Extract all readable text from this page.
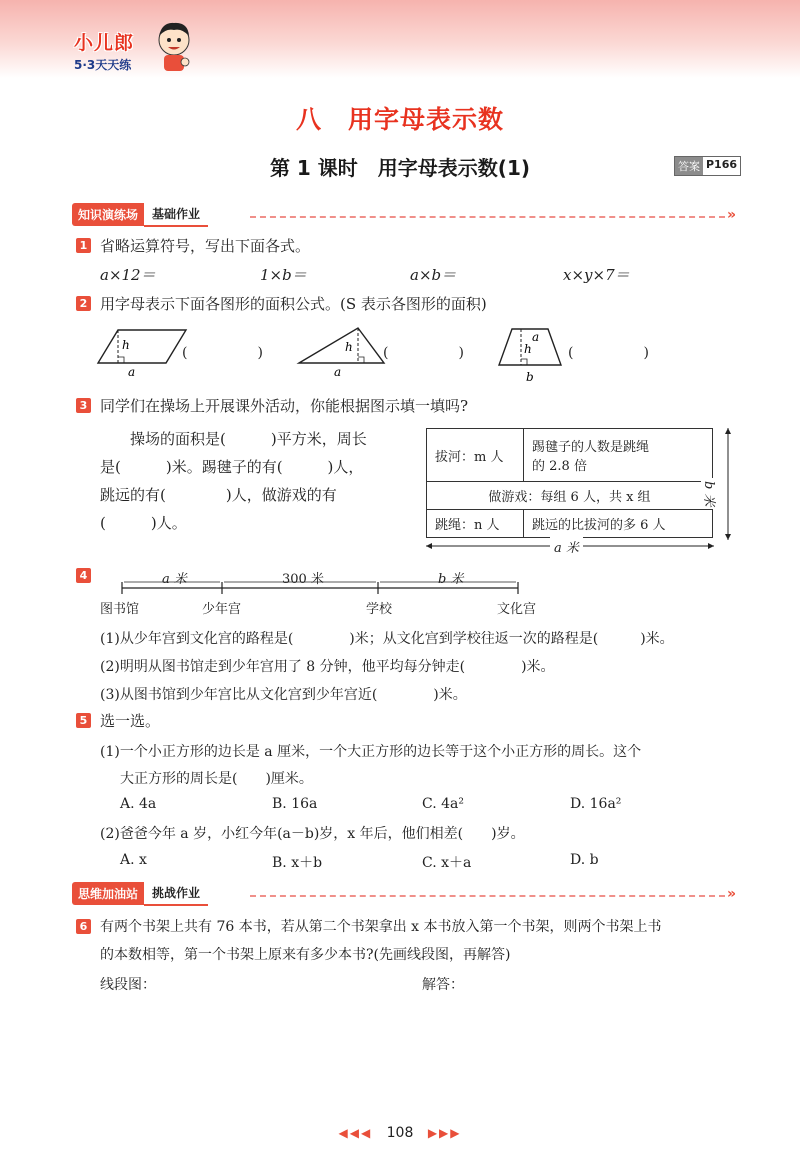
小儿郎
5·3天天练
八　用字母表示数
第 1 课时　用字母表示数(1)	答案 P166
知识演练场	基础作业	»
1 省略运算符号，写出下面各式。
a×12＝	1×b＝	a×b＝	x×y×7＝
2 用字母表示下面各图形的面积公式。(S 表示各图形的面积)
h
a
(　　　　　)	h
a
(　　　　　)
a
h
b
(　　　　　)
3 同学们在操场上开展课外活动，你能根据图示填一填吗?
操场的面积是(　　　)平方米，周长
是(　　　)米。踢毽子的有(　　　)人，
跳远的有(　　　　)人，做游戏的有
(　　　)人。
拔河：m 人	踢毽子的人数是跳绳
的 2.8 倍

做游戏：每组 6 人，共 x 组	
跳绳：n 人	跳远的比拔河的多 6 人
a 米
b 米
4	a 米	300 米	b 米
图书馆	少年宫	学校	文化宫
(1)从少年宫到文化宫的路程是(　　　　)米；从文化宫到学校往返一次的路程是(　　　)米。
(2)明明从图书馆走到少年宫用了 8 分钟，他平均每分钟走(　　　　)米。
(3)从图书馆到少年宫比从文化宫到少年宫近(　　　　)米。
5 选一选。
(1)一个小正方形的边长是 a 厘米，一个大正方形的边长等于这个小正方形的周长。这个
大正方形的周长是(　　)厘米。
A. 4a	B. 16a	C. 4a²	D. 16a²
(2)爸爸今年 a 岁，小红今年(a－b)岁，x 年后，他们相差(　　)岁。
A. x	B. x＋b	C. x＋a	D. b
思维加油站	挑战作业	»
6 有两个书架上共有 76 本书，若从第二个书架拿出 x 本书放入第一个书架，则两个书架上书
的本数相等，第一个书架上原来有多少本书?(先画线段图，再解答)
线段图：	解答：
◀◀◀ 108 ▶▶▶
